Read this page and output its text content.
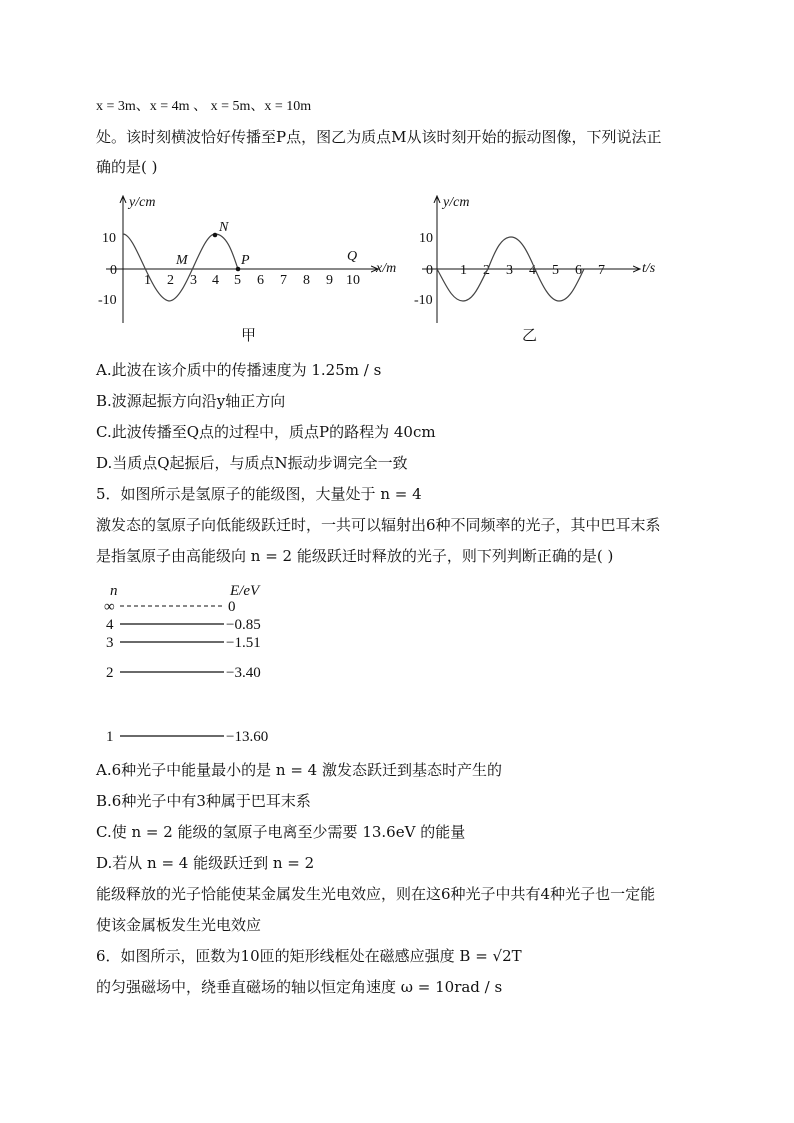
x = 3m、x = 4m 、 x = 5m、x = 10m
处。该时刻横波恰好传播至P点，图乙为质点M从该时刻开始的振动图像，下列说法正
确的是( )
y/cm
x/m
10
0
-10
1 2 3 4 5 6 7 8 9 10
N
M	P	Q
甲
y/cm
t/s
10
0
-10
1 2 3 4 5 6 7
乙
A.此波在该介质中的传播速度为 1.25m / s
B.波源起振方向沿y轴正方向
C.此波传播至Q点的过程中，质点P的路程为 40cm
D.当质点Q起振后，与质点N振动步调完全一致
5．如图所示是氢原子的能级图，大量处于 n = 4
激发态的氢原子向低能级跃迁时，一共可以辐射出6种不同频率的光子，其中巴耳末系
是指氢原子由高能级向 n = 2 能级跃迁时释放的光子，则下列判断正确的是( )
n	E/eV
∞	0
4	−0.85
3	−1.51
2	−3.40
1	−13.60
A.6种光子中能量最小的是 n = 4 激发态跃迁到基态时产生的
B.6种光子中有3种属于巴耳末系
C.使 n = 2 能级的氢原子电离至少需要 13.6eV 的能量
D.若从 n = 4 能级跃迁到 n = 2
能级释放的光子恰能使某金属发生光电效应，则在这6种光子中共有4种光子也一定能
使该金属板发生光电效应
6．如图所示，匝数为10匝的矩形线框处在磁感应强度 B = √2T
的匀强磁场中，绕垂直磁场的轴以恒定角速度 ω = 10rad / s
